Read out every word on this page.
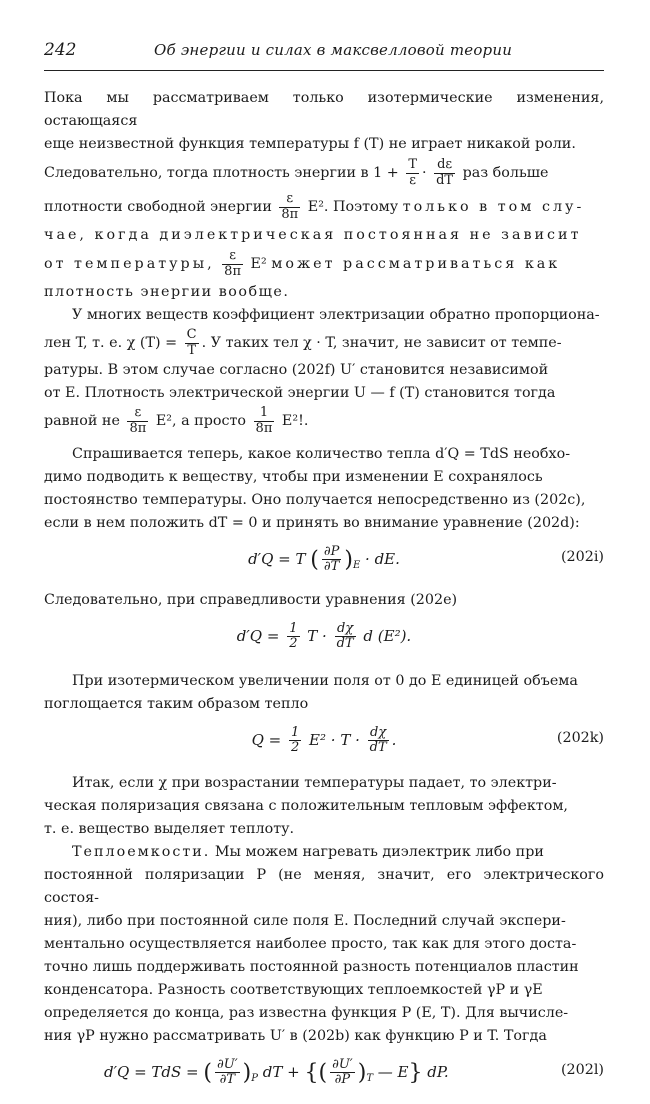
242	Об энергии и силах в максвелловой теории

Пока мы рассматриваем только изотермические изменения, остающаяся

еще неизвестной функция температуры f (T) не играет никакой роли.

Следовательно, тогда плотность энергии в $1 + \frac{T}{\varepsilon} \cdot \frac{d\varepsilon}{dT}$ раз больше

плотности свободной энергии $\frac{\varepsilon}{8\pi} E^2$. Поэтому только в том слу-

чае, когда диэлектрическая постоянная не зависит

от температуры, $\frac{\varepsilon}{8\pi} E^2$ может рассматриваться как

плотность энергии вообще.

У многих веществ коэффициент электризации обратно пропорциона-

лен T, т. е. χ $(T) = \frac{C}{T}$ . У таких тел χ · T, значит, не зависит от темпе-

ратуры. В этом случае согласно (202f) U′ становится независимой

от E. Плотность электрической энергии U — f (T) становится тогда

равной не $\frac{\varepsilon}{8\pi} E^2$, а просто $\frac{1}{8\pi} E^2$!.

Спрашивается теперь, какое количество тепла d′Q = TdS необхо-

димо подводить к веществу, чтобы при изменении E сохранялось

постоянство температуры. Оно получается непосредственно из (202c),

если в нем положить dT = 0 и принять во внимание уравнение (202d):

d′Q = T ( $\frac{\partial P}{\partial T} )_E$ · dE.	(202i)

Следовательно, при справедливости уравнения (202e)

$d'Q = \frac{1}{2}$ $T \cdot \frac{d\chi}{dT}$ d (E²).

При изотермическом увеличении поля от 0 до E единицей объема

поглощается таким образом тепло

$Q = \frac{1}{2} E^2 \cdot T \cdot \frac{d\chi}{dT}$ .	(202k)

Итак, если χ при возрастании температуры падает, то электри-

ческая поляризация связана с положительным тепловым эффектом,

т. е. вещество выделяет теплоту.

Теплоемкости. Мы можем нагревать диэлектрик либо при

постоянной поляризации P (не меняя, значит, его электрического состоя-

ния), либо при постоянной силе поля E. Последний случай экспери-

ментально осуществляется наиболее просто, так как для этого доста-

точно лишь поддерживать постоянной разность потенциалов пластин

конденсатора. Разность соответствующих теплоемкостей γP и γE

определяется до конца, раз известна функция P (E, T). Для вычисле-

ния γP нужно рассматривать U′ в (202b) как функцию P и T. Тогда

d′Q = TdS = ( $\frac{\partial U'}{\partial T} )_P$ dT + {( $\frac{\partial U'}{\partial P} )_T$ — E} dP.	(202l)
